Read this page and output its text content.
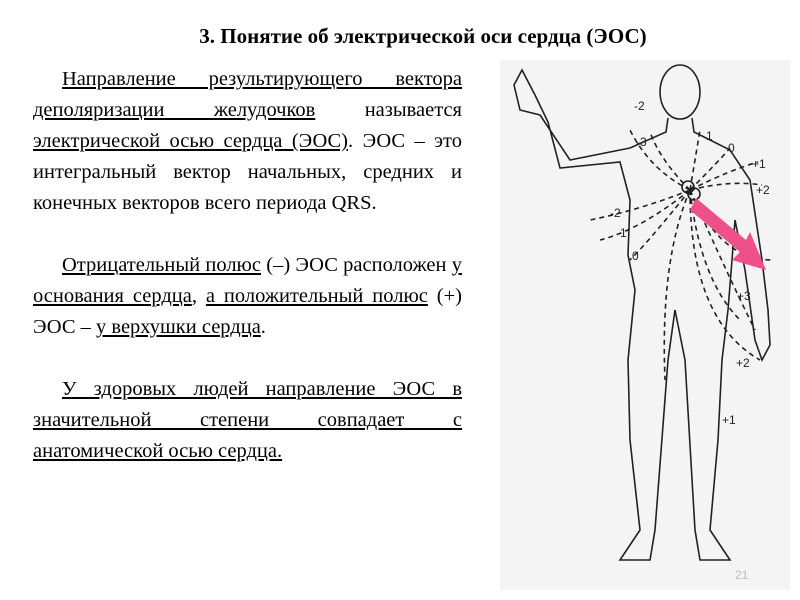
3. Понятие об электрической оси сердца (ЭОС)

Направление результирующего вектора деполяризации желудочков называется электрической осью сердца (ЭОС). ЭОС – это интегральный вектор начальных, средних и конечных векторов всего периода QRS.

Отрицательный полюс (–) ЭОС расположен у основания сердца, а положительный полюс (+) ЭОС – у верхушки сердца.

У здоровых людей направление ЭОС в значительной степени совпадает с анатомической осью сердца.

-2
-3	-1
0
+1
+2
-2
-1
0
+3
+2
+1
21
